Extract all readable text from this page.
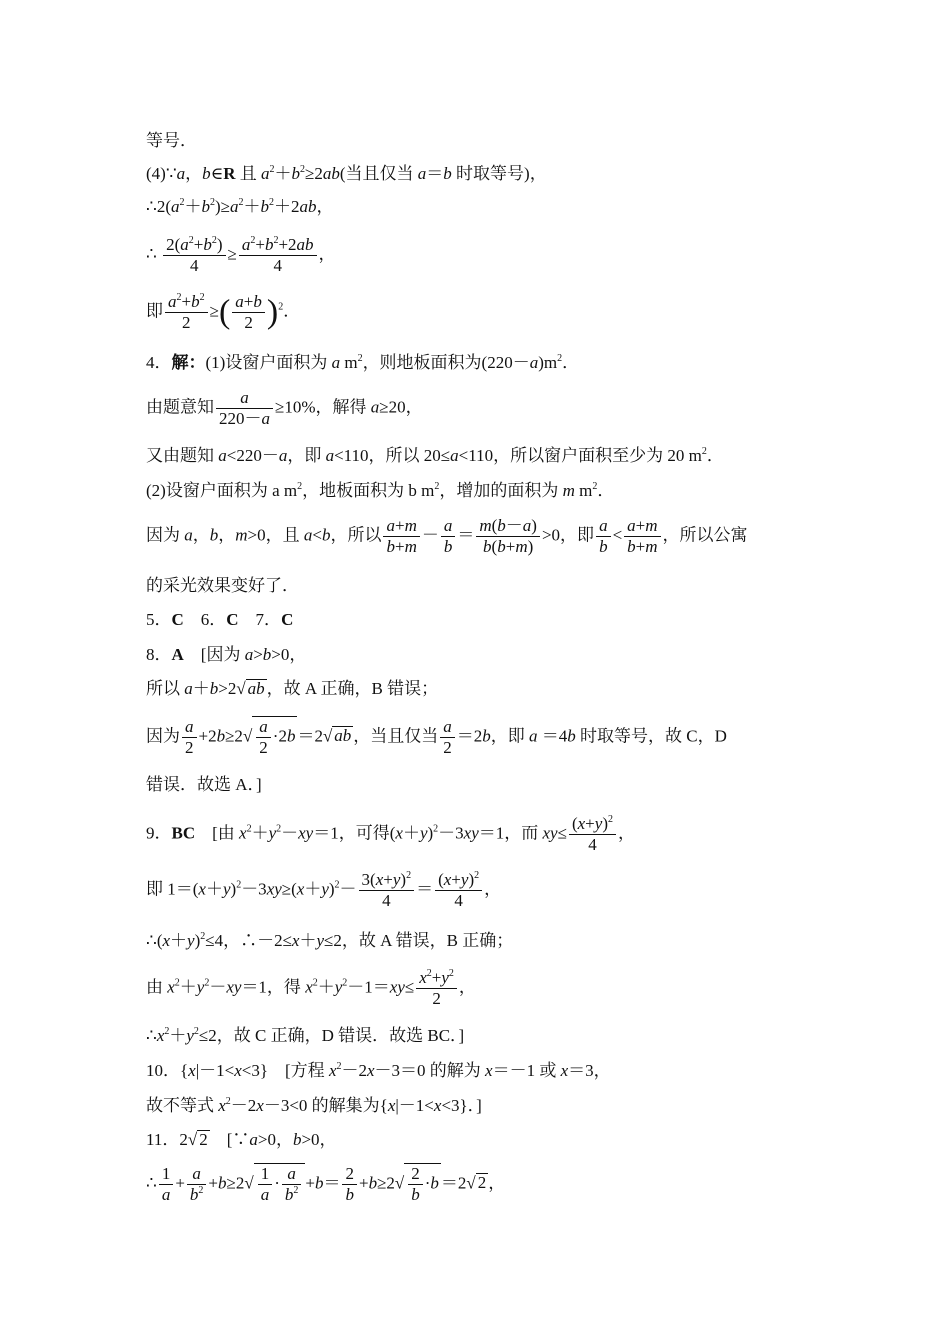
等号．
(4)∵a，b∈R 且 $a^2+b^2\ge 2ab$(当且仅当 a＝b 时取等号)，
$\therefore 2(a^2+b^2)\ge a^2+b^2+2ab$，
∴ $\frac{2(a^2+b^2)}{4} \ge \frac{a^2+b^2+2ab}{4}$ ，
即 $\frac{a^2+b^2}{2}$ ≥( $\frac{a+b}{2} )^2$．
4．解：(1)设窗户面积为 a $m^2$，则地板面积为$(220-a)m^2$．
由题意知 $\frac{a}{220-a} \ge 10\%$，解得 a≥20，
又由题知 a<220－a，即 a<110，所以 20≤a<110，所以窗户面积至少为 20 $m^2$．
(2)设窗户面积为 a $m^2$，地板面积为 b $m^2$，增加的面积为 m $m^2$．
因为 a，b，m>0，且 a<b，所以 $\frac{a+m}{b+m} - \frac{a}{b} = \frac{m(b-a)}{b(b+m)} >0$，即 $\frac{a}{b} < \frac{a+m}{b+m}$ ，所以公寓
的采光效果变好了．
5．C　6．C　7．C
8．A　[因为 a>b>0，
所以 a＋b>2√ ab ，故 A 正确，B 错误；
因为 $\frac{a}{2} +2b\ge 2√ \frac{a}{2} \cdot 2b =2√$ ab ，当且仅当 $\frac{a}{2} =2b$，即 a ＝4b 时取等号，故 C，D
错误．故选 A．]
9．BC　[由 $x^2+y^2-xy=1$，可得$(x+y)^2-3xy=1$，而 $xy\le \frac{(x+y)^2}{4}$ ，
即 $1=(x+y)^2-3xy\ge(x+y)^2- \frac{3(x+y)^2}{4} = \frac{(x+y)^2}{4}$ ，
$\therefore(x+y)^2\le 4$，∴－2≤x＋y≤2，故 A 错误，B 正确；
由 $x^2+y^2-xy=1$，得 $x^2+y^2-1=xy\le \frac{x^2+y^2}{2}$ ，
$\therefore x^2+y^2\le 2$，故 C 正确，D 错误．故选 BC．]
10．{x|－1<x<3}　[方程 $x^2-2x-3=0$ 的解为 x＝－1 或 x＝3，
故不等式 $x^2-2x-3<0$ 的解集为{x|－1<x<3}．]
11．2√ 2　[∵a>0，b>0，
∴ $\frac{1}{a} + \frac{a}{b^2} +b\ge 2√ \frac{1}{a} \cdot \frac{a}{b^2} +b= \frac{2}{b} +b\ge 2√ \frac{2}{b} \cdot b =2√$ 2 ，
